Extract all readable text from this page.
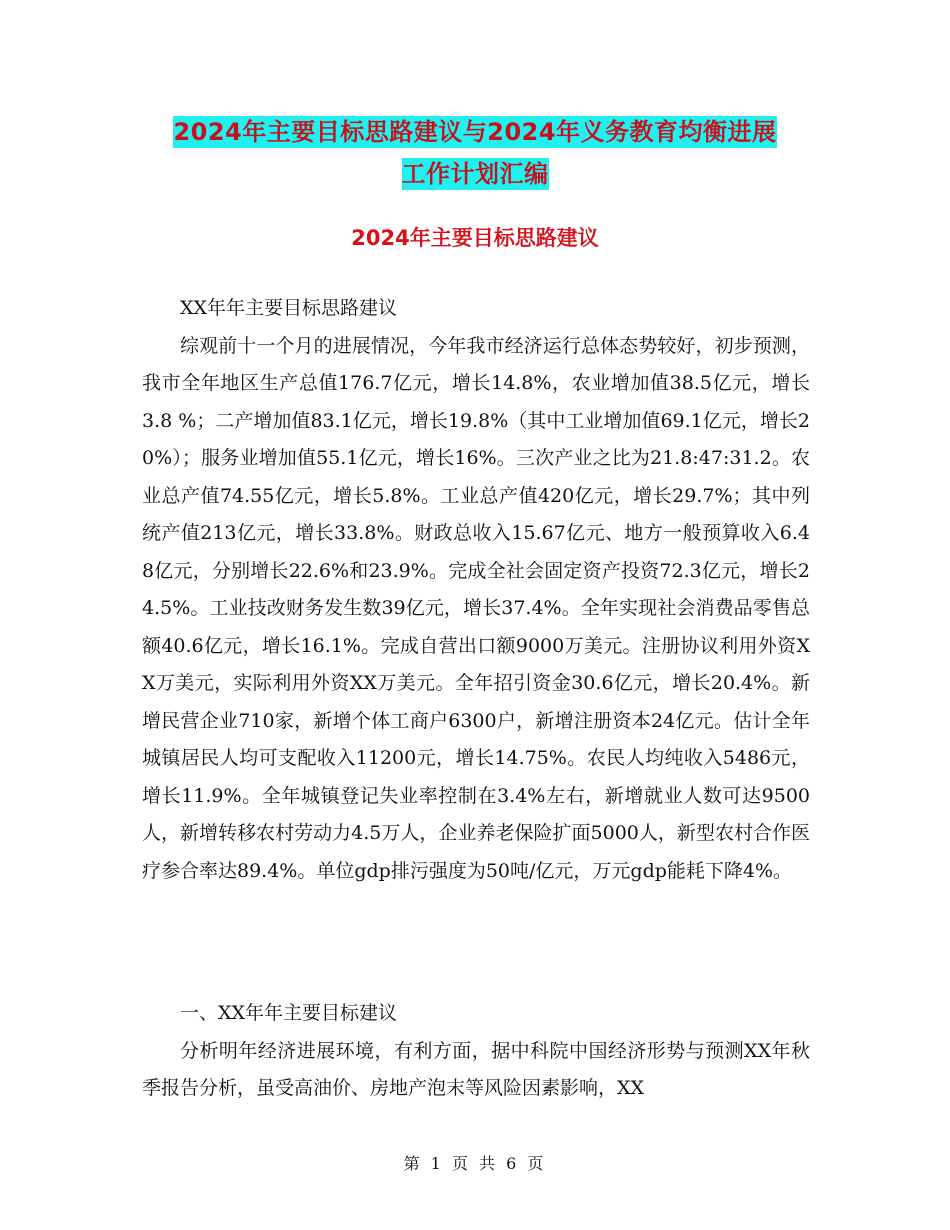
2024年主要目标思路建议与2024年义务教育均衡进展
工作计划汇编
2024年主要目标思路建议

XX年年主要目标思路建议

综观前十一个月的进展情况，今年我市经济运行总体态势较好，初步预测，我市全年地区生产总值176.7亿元，增长14.8%，农业增加值38.5亿元，增长3.8 %；二产增加值83.1亿元，增长19.8%（其中工业增加值69.1亿元，增长20%）；服务业增加值55.1亿元，增长16%。三次产业之比为21.8:47:31.2。农业总产值74.55亿元，增长5.8%。工业总产值420亿元，增长29.7%；其中列统产值213亿元，增长33.8%。财政总收入15.67亿元、地方一般预算收入6.48亿元，分别增长22.6%和23.9%。完成全社会固定资产投资72.3亿元，增长24.5%。工业技改财务发生数39亿元，增长37.4%。全年实现社会消费品零售总额40.6亿元，增长16.1%。完成自营出口额9000万美元。注册协议利用外资XX万美元，实际利用外资XX万美元。全年招引资金30.6亿元，增长20.4%。新增民营企业710家，新增个体工商户6300户，新增注册资本24亿元。估计全年城镇居民人均可支配收入11200元，增长14.75%。农民人均纯收入5486元，增长11.9%。全年城镇登记失业率控制在3.4%左右，新增就业人数可达9500人，新增转移农村劳动力4.5万人，企业养老保险扩面5000人，新型农村合作医疗参合率达89.4%。单位gdp排污强度为50吨/亿元，万元gdp能耗下降4%。

一、XX年年主要目标建议

分析明年经济进展环境，有利方面，据中科院中国经济形势与预测XX年秋季报告分析，虽受高油价、房地产泡末等风险因素影响，XX

第 1 页 共 6 页
